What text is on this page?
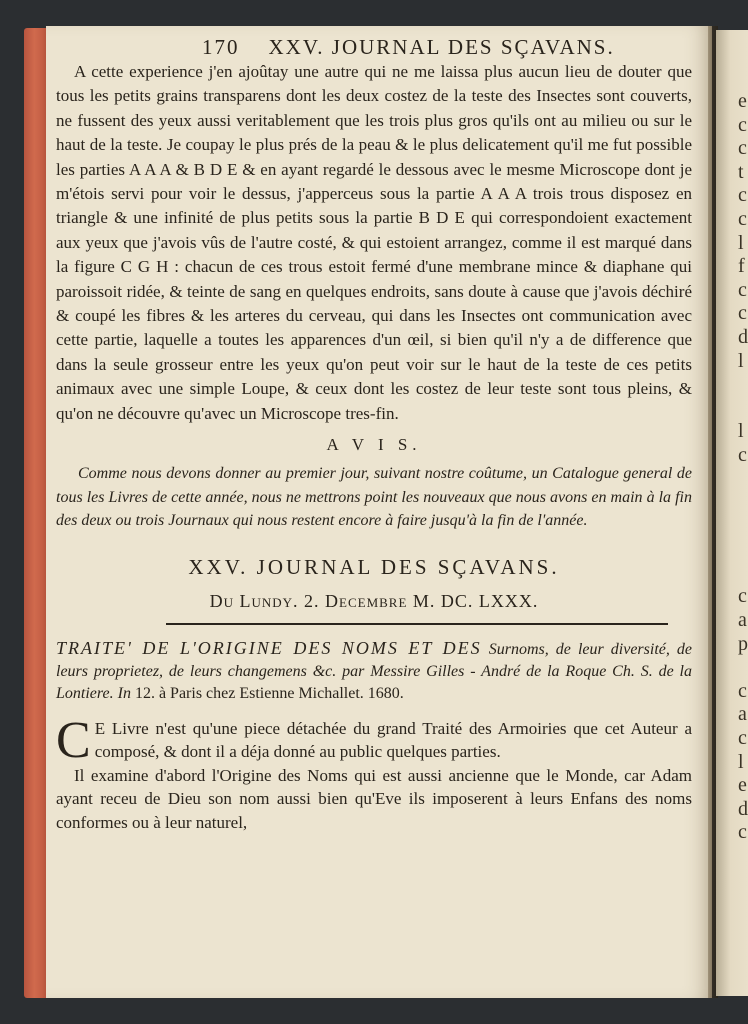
e
c
c
t
c
c
l
f
c
c
d
l

l
c

c
a
p

c
a
c
l
e
d
c
170 XXV. JOURNAL DES SÇAVANS.

A cette experience j'en ajoûtay une autre qui ne me laissa plus aucun lieu de douter que tous les petits grains transparens dont les deux costez de la teste des Insectes sont couverts, ne fussent des yeux aussi veritablement que les trois plus gros qu'ils ont au milieu ou sur le haut de la teste. Je coupay le plus prés de la peau & le plus delicatement qu'il me fut possible les parties A A A & B D E & en ayant regardé le dessous avec le mesme Microscope dont je m'étois servi pour voir le dessus, j'apperceus sous la partie A A A trois trous disposez en triangle & une infinité de plus petits sous la partie B D E qui correspondoient exactement aux yeux que j'avois vûs de l'autre costé, & qui estoient arrangez, comme il est marqué dans la figure C G H : chacun de ces trous estoit fermé d'une membrane mince & diaphane qui paroissoit ridée, & teinte de sang en quelques endroits, sans doute à cause que j'avois déchiré & coupé les fibres & les arteres du cerveau, qui dans les Insectes ont communication avec cette partie, laquelle a toutes les apparences d'un œil, si bien qu'il n'y a de difference que dans la seule grosseur entre les yeux qu'on peut voir sur le haut de la teste de ces petits animaux avec une simple Loupe, & ceux dont les costez de leur teste sont tous pleins, & qu'on ne découvre qu'avec un Microscope tres-fin.

A V I S.

Comme nous devons donner au premier jour, suivant nostre coûtume, un Catalogue general de tous les Livres de cette année, nous ne mettrons point les nouveaux que nous avons en main à la fin des deux ou trois Journaux qui nous restent encore à faire jusqu'à la fin de l'année.

XXV. JOURNAL DES SÇAVANS.
Du Lundy. 2. Decembre M. DC. LXXX.
TRAITE' DE L'ORIGINE DES NOMS ET DES Surnoms, de leur diversité, de leurs proprietez, de leurs changemens &c. par Messire Gilles - André de la Roque Ch. S. de la Lontiere. In 12. à Paris chez Estienne Michallet. 1680.

C E Livre n'est qu'une piece détachée du grand Traité des Armoiries que cet Auteur a composé, & dont il a déja donné au public quelques parties.

Il examine d'abord l'Origine des Noms qui est aussi ancienne que le Monde, car Adam ayant receu de Dieu son nom aussi bien qu'Eve ils imposerent à leurs Enfans des noms conformes ou à leur naturel,
